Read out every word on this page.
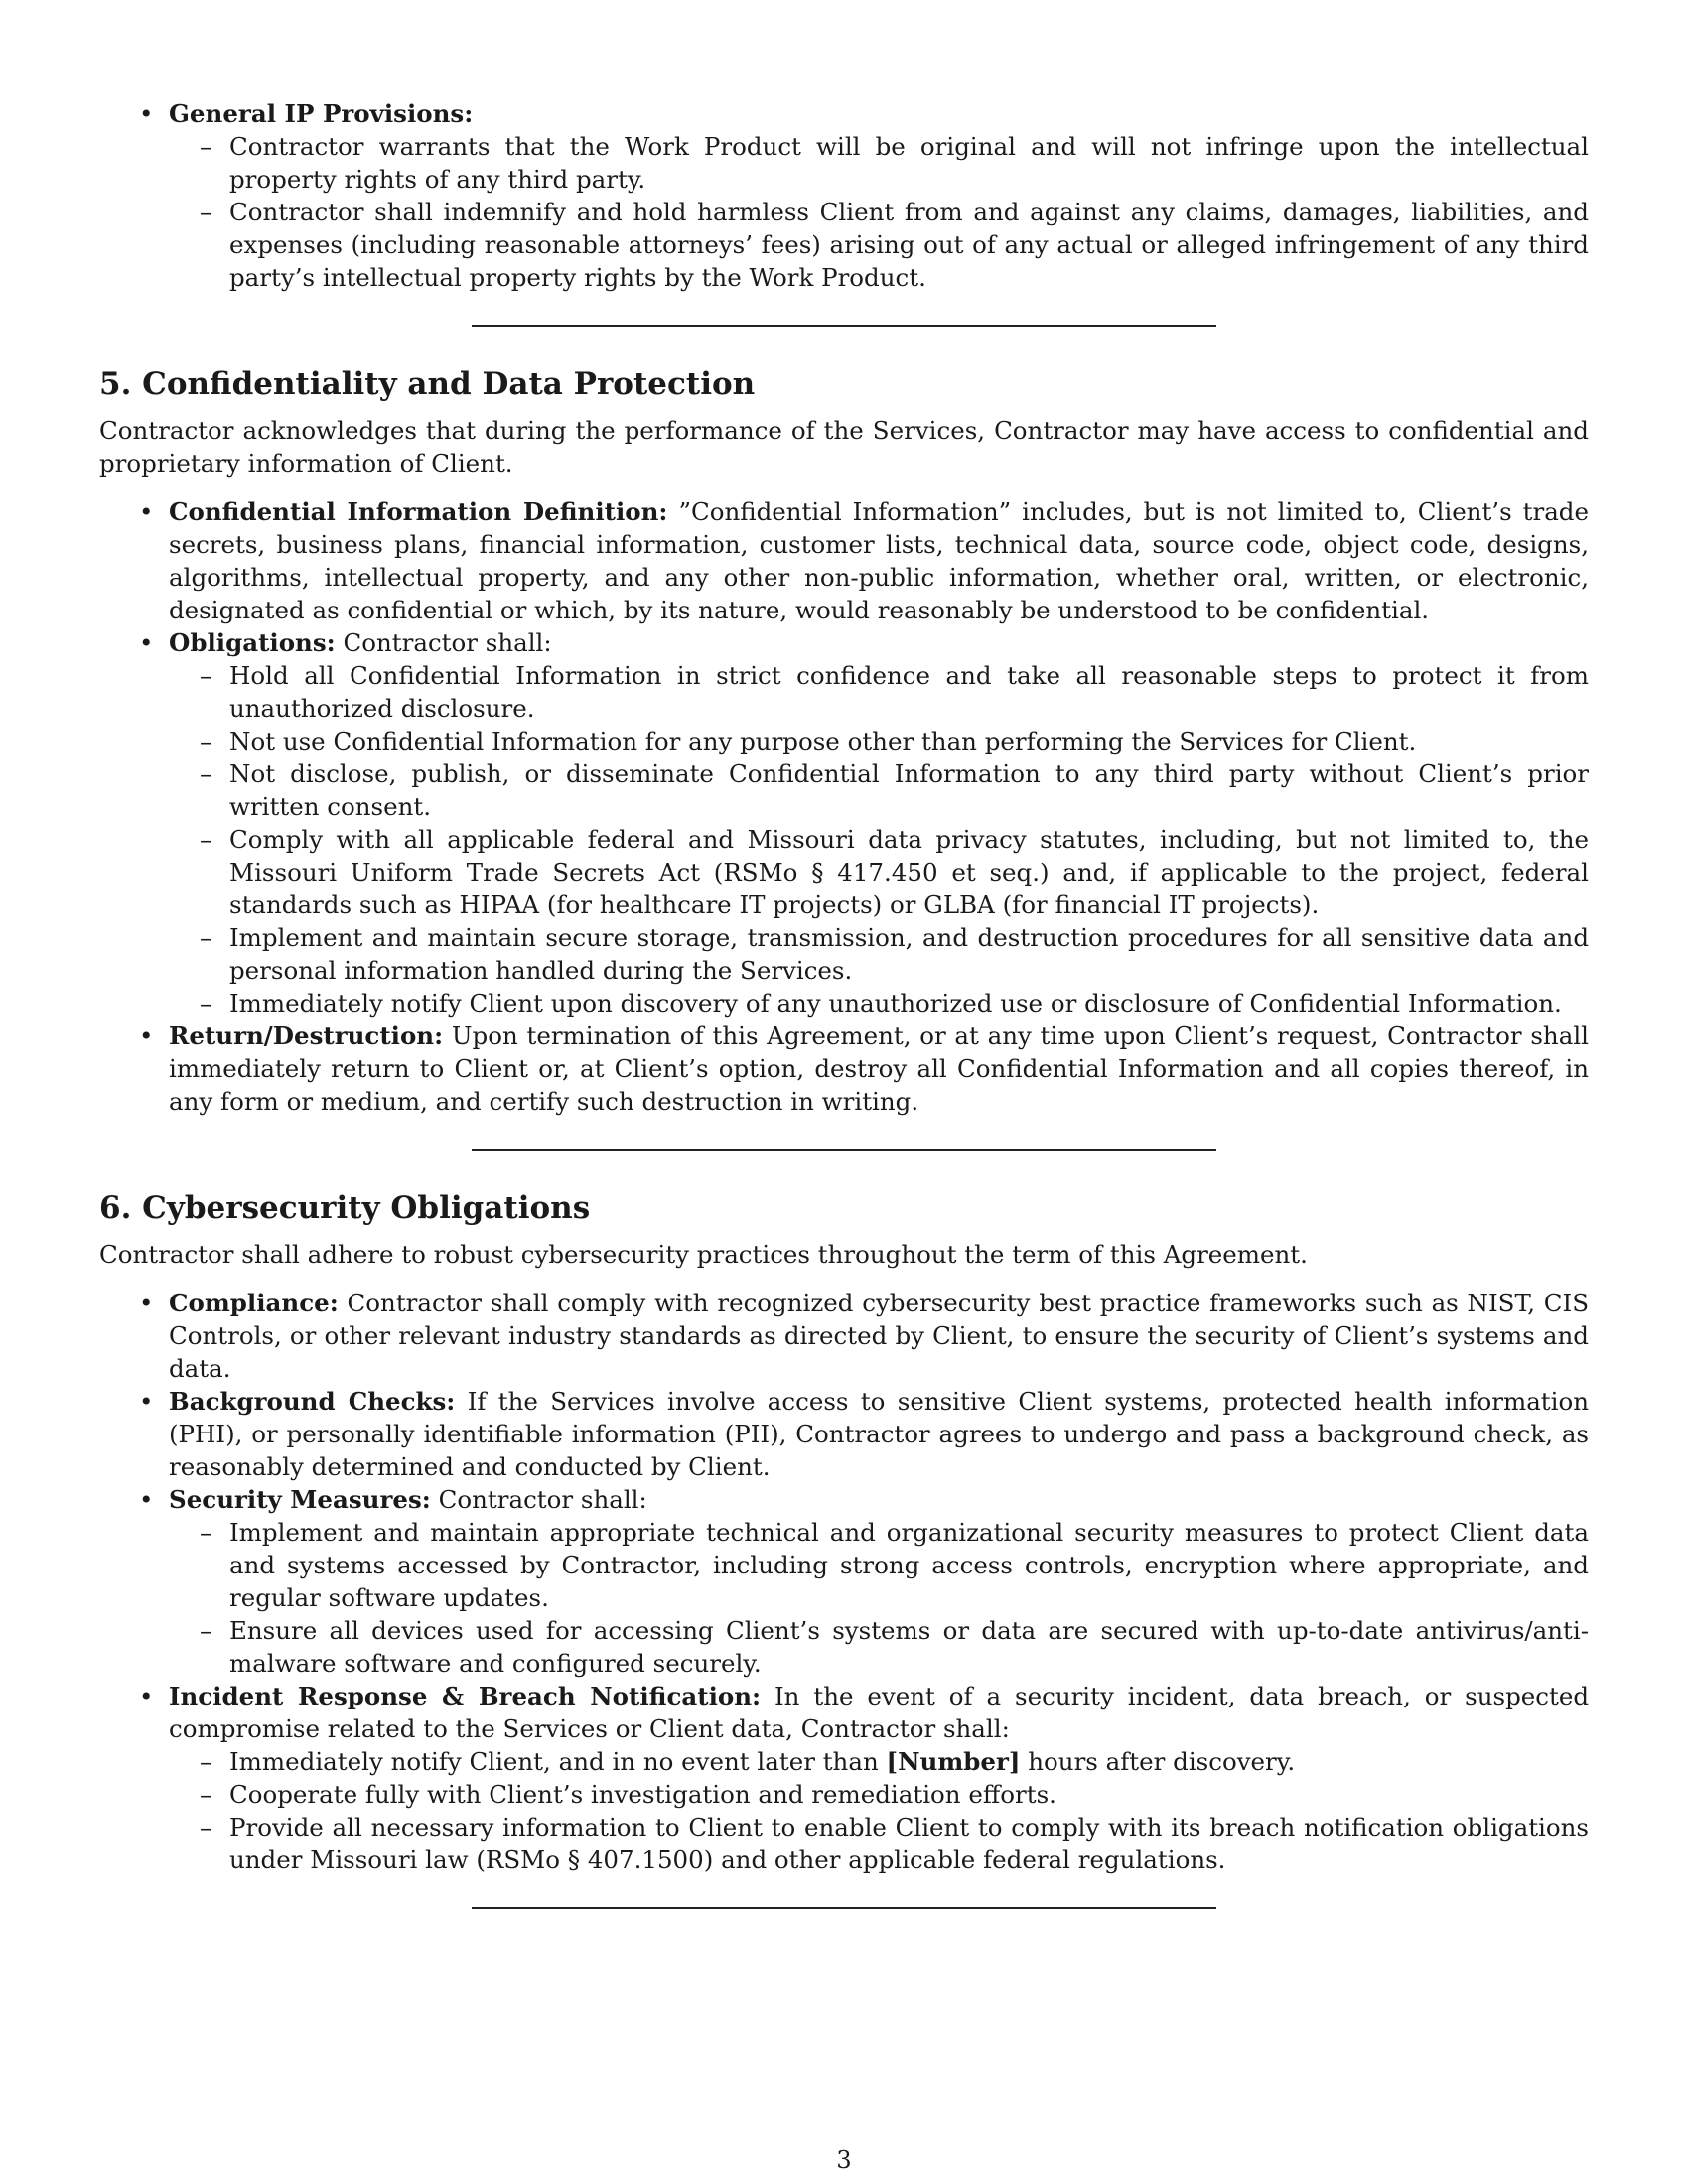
• General IP Provisions:
– Contractor warrants that the Work Product will be original and will not infringe upon the intellectual property rights of any third party.
– Contractor shall indemnify and hold harmless Client from and against any claims, damages, liabilities, and expenses (including reasonable attorneys’ fees) arising out of any actual or alleged infringement of any third party’s intellectual property rights by the Work Product.
5. Confidentiality and Data Protection

Contractor acknowledges that during the performance of the Services, Contractor may have access to confidential and proprietary information of Client.

• Confidential Information Definition: ”Confidential Information” includes, but is not limited to, Client’s trade secrets, business plans, financial information, customer lists, technical data, source code, object code, designs, algorithms, intellectual property, and any other non-public information, whether oral, written, or electronic, designated as confidential or which, by its nature, would reasonably be understood to be confidential.
• Obligations: Contractor shall:
– Hold all Confidential Information in strict confidence and take all reasonable steps to protect it from unauthorized disclosure.
– Not use Confidential Information for any purpose other than performing the Services for Client.
– Not disclose, publish, or disseminate Confidential Information to any third party without Client’s prior written consent.
– Comply with all applicable federal and Missouri data privacy statutes, including, but not limited to, the Missouri Uniform Trade Secrets Act (RSMo § 417.450 et seq.) and, if applicable to the project, federal standards such as HIPAA (for healthcare IT projects) or GLBA (for financial IT projects).
– Implement and maintain secure storage, transmission, and destruction procedures for all sensitive data and personal information handled during the Services.
– Immediately notify Client upon discovery of any unauthorized use or disclosure of Confidential Information.
• Return/Destruction: Upon termination of this Agreement, or at any time upon Client’s request, Contractor shall immediately return to Client or, at Client’s option, destroy all Confidential Information and all copies thereof, in any form or medium, and certify such destruction in writing.
6. Cybersecurity Obligations

Contractor shall adhere to robust cybersecurity practices throughout the term of this Agreement.

• Compliance: Contractor shall comply with recognized cybersecurity best practice frameworks such as NIST, CIS Controls, or other relevant industry standards as directed by Client, to ensure the security of Client’s systems and data.
• Background Checks: If the Services involve access to sensitive Client systems, protected health information (PHI), or personally identifiable information (PII), Contractor agrees to undergo and pass a background check, as reasonably determined and conducted by Client.
• Security Measures: Contractor shall:
– Implement and maintain appropriate technical and organizational security measures to protect Client data and systems accessed by Contractor, including strong access controls, encryption where appropriate, and regular software updates.
– Ensure all devices used for accessing Client’s systems or data are secured with up-to-date antivirus/anti-malware software and configured securely.
• Incident Response & Breach Notification: In the event of a security incident, data breach, or suspected compromise related to the Services or Client data, Contractor shall:
– Immediately notify Client, and in no event later than [Number] hours after discovery.
– Cooperate fully with Client’s investigation and remediation efforts.
– Provide all necessary information to Client to enable Client to comply with its breach notification obligations under Missouri law (RSMo § 407.1500) and other applicable federal regulations.
3
